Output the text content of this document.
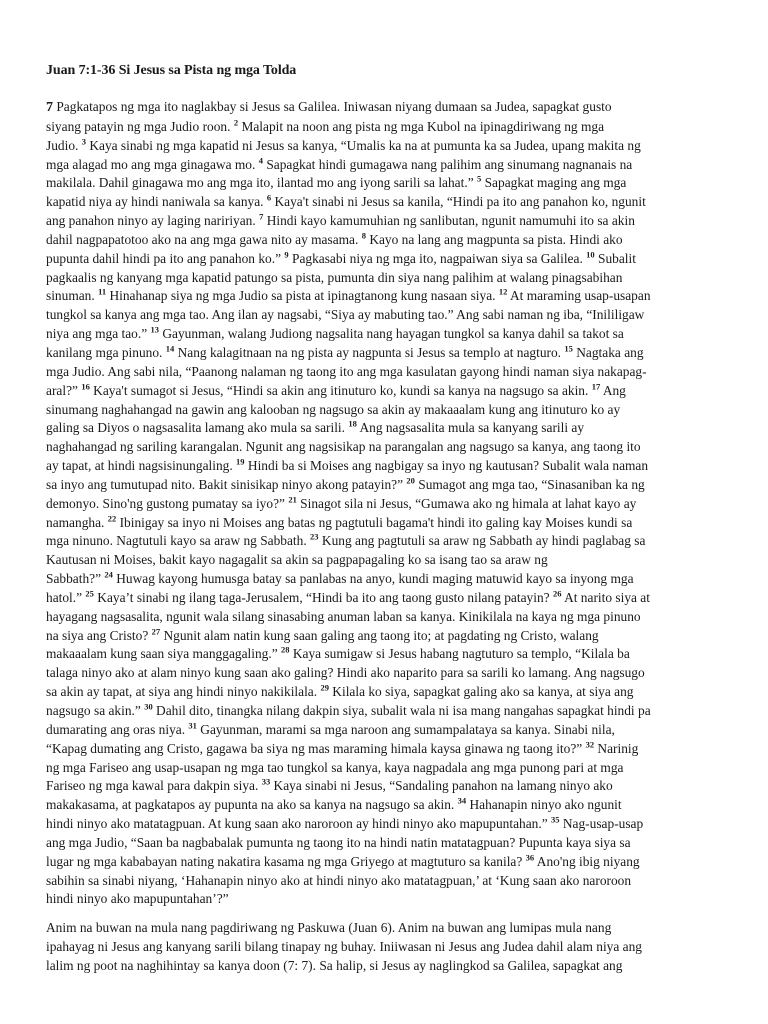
Juan 7:1-36 Si Jesus sa Pista ng mga Tolda
7 Pagkatapos ng mga ito naglakbay si Jesus sa Galilea. Iniwasan niyang dumaan sa Judea, sapagkat gusto
siyang patayin ng mga Judio roon. $^2$ Malapit na noon ang pista ng mga Kubol na ipinagdiriwang ng mga
Judio. $^3$ Kaya sinabi ng mga kapatid ni Jesus sa kanya, “Umalis ka na at pumunta ka sa Judea, upang makita ng
mga alagad mo ang mga ginagawa mo. $^4$ Sapagkat hindi gumagawa nang palihim ang sinumang nagnanais na
makilala. Dahil ginagawa mo ang mga ito, ilantad mo ang iyong sarili sa lahat.” $^5$ Sapagkat maging ang mga
kapatid niya ay hindi naniwala sa kanya. $^6$ Kaya't sinabi ni Jesus sa kanila, “Hindi pa ito ang panahon ko, ngunit
ang panahon ninyo ay laging naririyan. $^7$ Hindi kayo kamumuhian ng sanlibutan, ngunit namumuhi ito sa akin
dahil nagpapatotoo ako na ang mga gawa nito ay masama. $^8$ Kayo na lang ang magpunta sa pista. Hindi ako
pupunta dahil hindi pa ito ang panahon ko.” $^9$ Pagkasabi niya ng mga ito, nagpaiwan siya sa Galilea. $^{10}$ Subalit
pagkaalis ng kanyang mga kapatid patungo sa pista, pumunta din siya nang palihim at walang pinagsabihan
sinuman. $^{11}$ Hinahanap siya ng mga Judio sa pista at ipinagtanong kung nasaan siya. $^{12}$ At maraming usap-usapan
tungkol sa kanya ang mga tao. Ang ilan ay nagsabi, “Siya ay mabuting tao.” Ang sabi naman ng iba, “Inililigaw
niya ang mga tao.” $^{13}$ Gayunman, walang Judiong nagsalita nang hayagan tungkol sa kanya dahil sa takot sa
kanilang mga pinuno. $^{14}$ Nang kalagitnaan na ng pista ay nagpunta si Jesus sa templo at nagturo. $^{15}$ Nagtaka ang
mga Judio. Ang sabi nila, “Paanong nalaman ng taong ito ang mga kasulatan gayong hindi naman siya nakapag-
aral?” $^{16}$ Kaya't sumagot si Jesus, “Hindi sa akin ang itinuturo ko, kundi sa kanya na nagsugo sa akin. $^{17}$ Ang
sinumang naghahangad na gawin ang kalooban ng nagsugo sa akin ay makaaalam kung ang itinuturo ko ay
galing sa Diyos o nagsasalita lamang ako mula sa sarili. $^{18}$ Ang nagsasalita mula sa kanyang sarili ay
naghahangad ng sariling karangalan. Ngunit ang nagsisikap na parangalan ang nagsugo sa kanya, ang taong ito
ay tapat, at hindi nagsisinungaling. $^{19}$ Hindi ba si Moises ang nagbigay sa inyo ng kautusan? Subalit wala naman
sa inyo ang tumutupad nito. Bakit sinisikap ninyo akong patayin?” $^{20}$ Sumagot ang mga tao, “Sinasaniban ka ng
demonyo. Sino'ng gustong pumatay sa iyo?” $^{21}$ Sinagot sila ni Jesus, “Gumawa ako ng himala at lahat kayo ay
namangha. $^{22}$ Ibinigay sa inyo ni Moises ang batas ng pagtutuli bagama't hindi ito galing kay Moises kundi sa
mga ninuno. Nagtutuli kayo sa araw ng Sabbath. $^{23}$ Kung ang pagtutuli sa araw ng Sabbath ay hindi paglabag sa
Kautusan ni Moises, bakit kayo nagagalit sa akin sa pagpapagaling ko sa isang tao sa araw ng
Sabbath?” $^{24}$ Huwag kayong humusga batay sa panlabas na anyo, kundi maging matuwid kayo sa inyong mga
hatol.” $^{25}$ Kaya’t sinabi ng ilang taga-Jerusalem, “Hindi ba ito ang taong gusto nilang patayin? $^{26}$ At narito siya at
hayagang nagsasalita, ngunit wala silang sinasabing anuman laban sa kanya. Kinikilala na kaya ng mga pinuno
na siya ang Cristo? $^{27}$ Ngunit alam natin kung saan galing ang taong ito; at pagdating ng Cristo, walang
makaaalam kung saan siya manggagaling.” $^{28}$ Kaya sumigaw si Jesus habang nagtuturo sa templo, “Kilala ba
talaga ninyo ako at alam ninyo kung saan ako galing? Hindi ako naparito para sa sarili ko lamang. Ang nagsugo
sa akin ay tapat, at siya ang hindi ninyo nakikilala. $^{29}$ Kilala ko siya, sapagkat galing ako sa kanya, at siya ang
nagsugo sa akin.” $^{30}$ Dahil dito, tinangka nilang dakpin siya, subalit wala ni isa mang nangahas sapagkat hindi pa
dumarating ang oras niya. $^{31}$ Gayunman, marami sa mga naroon ang sumampalataya sa kanya. Sinabi nila,
“Kapag dumating ang Cristo, gagawa ba siya ng mas maraming himala kaysa ginawa ng taong ito?” $^{32}$ Narinig
ng mga Fariseo ang usap-usapan ng mga tao tungkol sa kanya, kaya nagpadala ang mga punong pari at mga
Fariseo ng mga kawal para dakpin siya. $^{33}$ Kaya sinabi ni Jesus, “Sandaling panahon na lamang ninyo ako
makakasama, at pagkatapos ay pupunta na ako sa kanya na nagsugo sa akin. $^{34}$ Hahanapin ninyo ako ngunit
hindi ninyo ako matatagpuan. At kung saan ako naroroon ay hindi ninyo ako mapupuntahan.” $^{35}$ Nag-usap-usap
ang mga Judio, “Saan ba nagbabalak pumunta ng taong ito na hindi natin matatagpuan? Pupunta kaya siya sa
lugar ng mga kababayan nating nakatira kasama ng mga Griyego at magtuturo sa kanila? $^{36}$ Ano'ng ibig niyang
sabihin sa sinabi niyang, ‘Hahanapin ninyo ako at hindi ninyo ako matatagpuan,’ at ‘Kung saan ako naroroon
hindi ninyo ako mapupuntahan’?”
Anim na buwan na mula nang pagdiriwang ng Paskuwa (Juan 6). Anim na buwan ang lumipas mula nang
ipahayag ni Jesus ang kanyang sarili bilang tinapay ng buhay. Iniiwasan ni Jesus ang Judea dahil alam niya ang
lalim ng poot na naghihintay sa kanya doon (7: 7). Sa halip, si Jesus ay naglingkod sa Galilea, sapagkat ang
